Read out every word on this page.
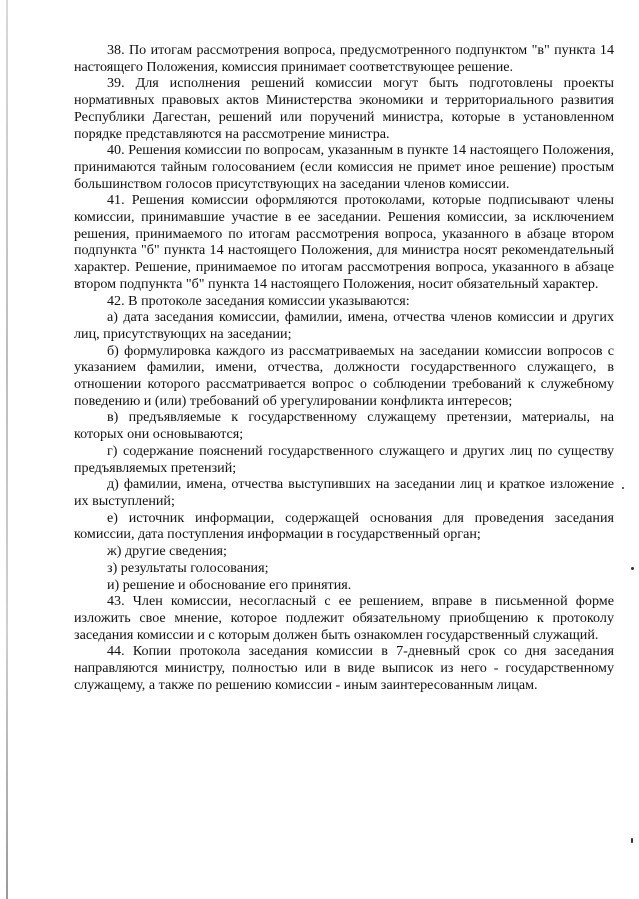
38. По итогам рассмотрения вопроса, предусмотренного подпунктом "в" пункта 14 настоящего Положения, комиссия принимает соответствующее решение.

39. Для исполнения решений комиссии могут быть подготовлены проекты нормативных правовых актов Министерства экономики и территориального развития Республики Дагестан, решений или поручений министра, которые в установленном порядке представляются на рассмотрение министра.

40. Решения комиссии по вопросам, указанным в пункте 14 настоящего Положения, принимаются тайным голосованием (если комиссия не примет иное решение) простым большинством голосов присутствующих на заседании членов комиссии.

41. Решения комиссии оформляются протоколами, которые подписывают члены комиссии, принимавшие участие в ее заседании. Решения комиссии, за исключением решения, принимаемого по итогам рассмотрения вопроса, указанного в абзаце втором подпункта "б" пункта 14 настоящего Положения, для министра носят рекомендательный характер. Решение, принимаемое по итогам рассмотрения вопроса, указанного в абзаце втором подпункта "б" пункта 14 настоящего Положения, носит обязательный характер.

42. В протоколе заседания комиссии указываются:

а) дата заседания комиссии, фамилии, имена, отчества членов комиссии и других лиц, присутствующих на заседании;

б) формулировка каждого из рассматриваемых на заседании комиссии вопросов с указанием фамилии, имени, отчества, должности государственного служащего, в отношении которого рассматривается вопрос о соблюдении требований к служебному поведению и (или) требований об урегулировании конфликта интересов;

в) предъявляемые к государственному служащему претензии, материалы, на которых они основываются;

г) содержание пояснений государственного служащего и других лиц по существу предъявляемых претензий;

д) фамилии, имена, отчества выступивших на заседании лиц и краткое изложение их выступлений;

е) источник информации, содержащей основания для проведения заседания комиссии, дата поступления информации в государственный орган;

ж) другие сведения;

з) результаты голосования;

и) решение и обоснование его принятия.

43. Член комиссии, несогласный с ее решением, вправе в письменной форме изложить свое мнение, которое подлежит обязательному приобщению к протоколу заседания комиссии и с которым должен быть ознакомлен государственный служащий.

44. Копии протокола заседания комиссии в 7-дневный срок со дня заседания направляются министру, полностью или в виде выписок из него - государственному служащему, а также по решению комиссии - иным заинтересованным лицам.
